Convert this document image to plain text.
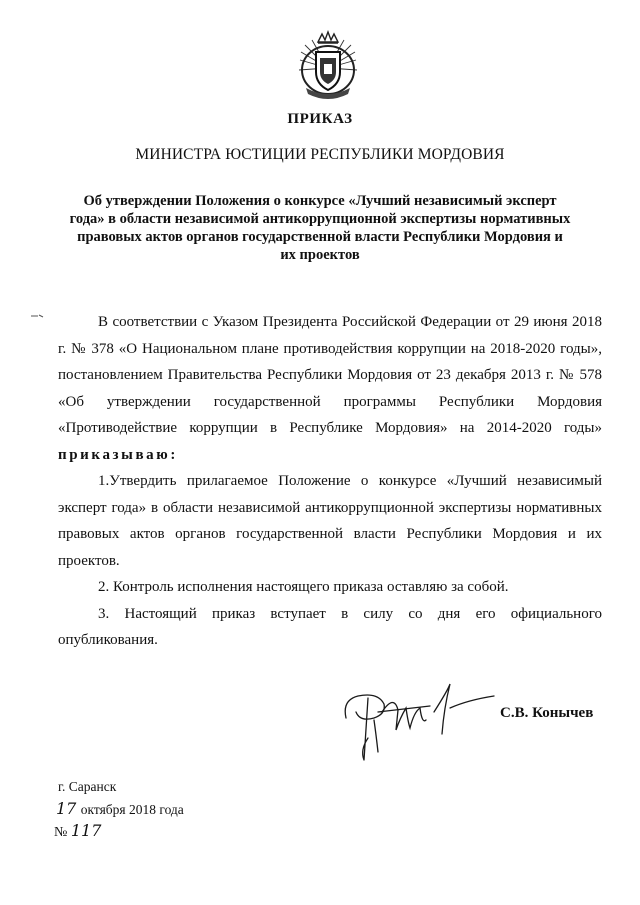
ПРИКАЗ
МИНИСТРА ЮСТИЦИИ РЕСПУБЛИКИ МОРДОВИЯ
Об утверждении Положения о конкурсе «Лучший независимый эксперт
года» в области независимой антикоррупционной экспертизы нормативных
правовых актов органов государственной власти Республики Мордовия и
их проектов

В соответствии с Указом Президента Российской Федерации от 29 июня 2018 г. № 378 «О Национальном плане противодействия коррупции на 2018-2020 годы», постановлением Правительства Республики Мордовия от 23 декабря 2013 г. № 578 «Об утверждении государственной программы Республики Мордовия «Противодействие коррупции в Республике Мордовия» на 2014-2020 годы» приказываю:

1.Утвердить прилагаемое Положение о конкурсе «Лучший независимый эксперт года» в области независимой антикоррупционной экспертизы нормативных правовых актов органов государственной власти Республики Мордовия и их проектов.

2. Контроль исполнения настоящего приказа оставляю за собой.

3. Настоящий приказ вступает в силу со дня его официального опубликования.

С.В. Конычев
г. Саранск
17 октября 2018 года
№ 117
